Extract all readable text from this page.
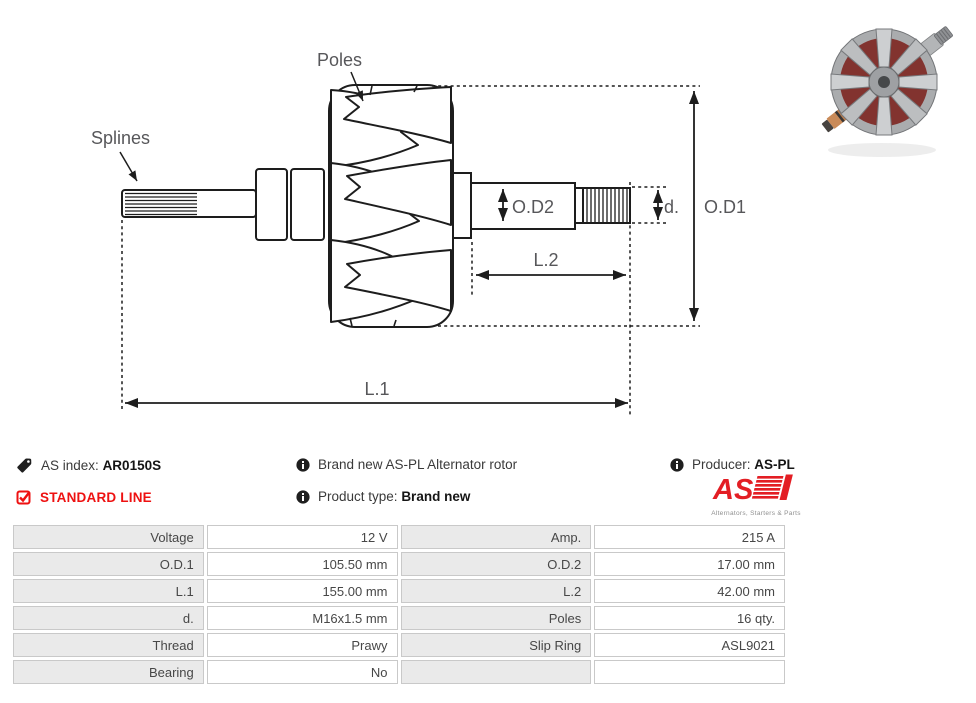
Poles
Splines
O.D2	d. O.D1
L.2
L.1
AS index: AR0150S	Brand new AS-PL Alternator rotor	Producer: AS-PL
STANDARD LINE	Product type: Brand new	AS
Alternators, Starters & Parts
Voltage	12 V	Amp.	215 A
O.D.1	105.50 mm	O.D.2	17.00 mm
L.1	155.00 mm	L.2	42.00 mm
d.	M16x1.5 mm	Poles	16 qty.
Thread	Prawy	Slip Ring	ASL9021
Bearing	No		
